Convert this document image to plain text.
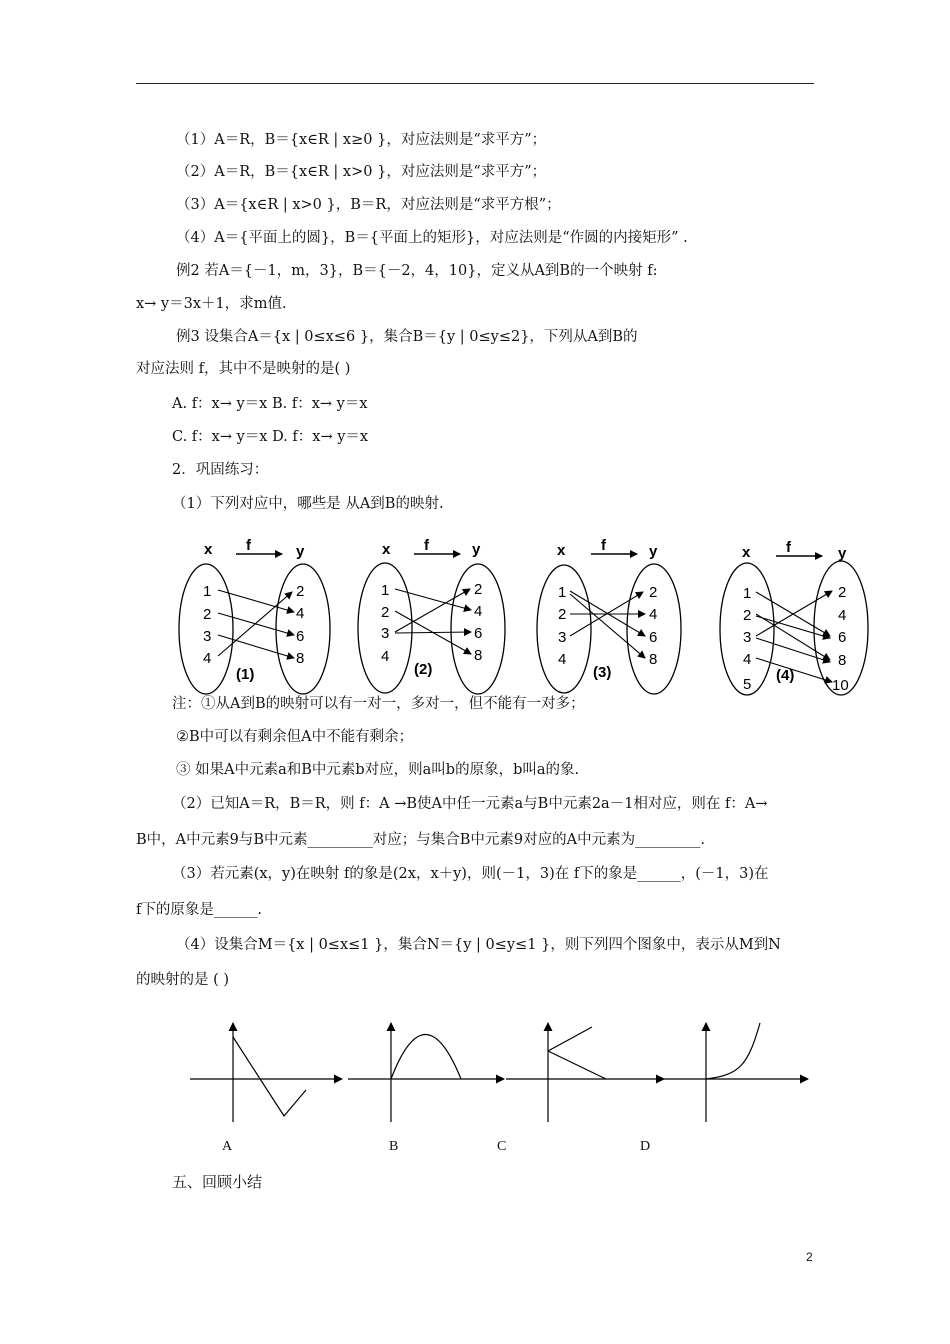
（1）A＝R，B＝{x∈R | x≥0 }，对应法则是“求平方”；
（2）A＝R，B＝{x∈R | x>0 }，对应法则是“求平方”；
（3）A＝{x∈R | x>0 }，B＝R，对应法则是“求平方根”；
（4）A＝{平面上的圆}，B＝{平面上的矩形}，对应法则是“作圆的内接矩形” .
例2 若A＝{－1，m，3}，B＝{－2，4，10}，定义从A到B的一个映射 f:
x→ y＝3x＋1，求m值.
例3 设集合A＝{x | 0≤x≤6 }，集合B＝{y | 0≤y≤2}，下列从A到B的
对应法则 f，其中不是映射的是( )
A. f：x→ y＝x B. f：x→ y＝x
C. f：x→ y＝x D. f：x→ y＝x
2．巩固练习：
（1）下列对应中，哪些是 从A到B的映射.
x f	y
1
2
3
4
2
4
6
8
(1)
x f	y
1
2
3
4
2
4
6
8
(2)
x f	y
1
2
3
4
2
4
6
8
(3)
x f	y
1
2
3
4
5
2
4
6
8
10
(4)
注：①从A到B的映射可以有一对一，多对一，但不能有一对多；
②B中可以有剩余但A中不能有剩余；
③ 如果A中元素a和B中元素b对应，则a叫b的原象，b叫a的象.
（2）已知A＝R，B＝R，则 f：A →B使A中任一元素a与B中元素2a－1相对应，则在 f：A→
B中，A中元素9与B中元素_________对应；与集合B中元素9对应的A中元素为_________.
（3）若元素(x，y)在映射 f的象是(2x，x＋y)，则(－1，3)在 f下的象是______，(－1，3)在
f下的原象是______.
（4）设集合M＝{x | 0≤x≤1 }，集合N＝{y | 0≤y≤1 }，则下列四个图象中，表示从M到N
的映射的是 ( )
A	B	C	D
五、回顾小结
2
